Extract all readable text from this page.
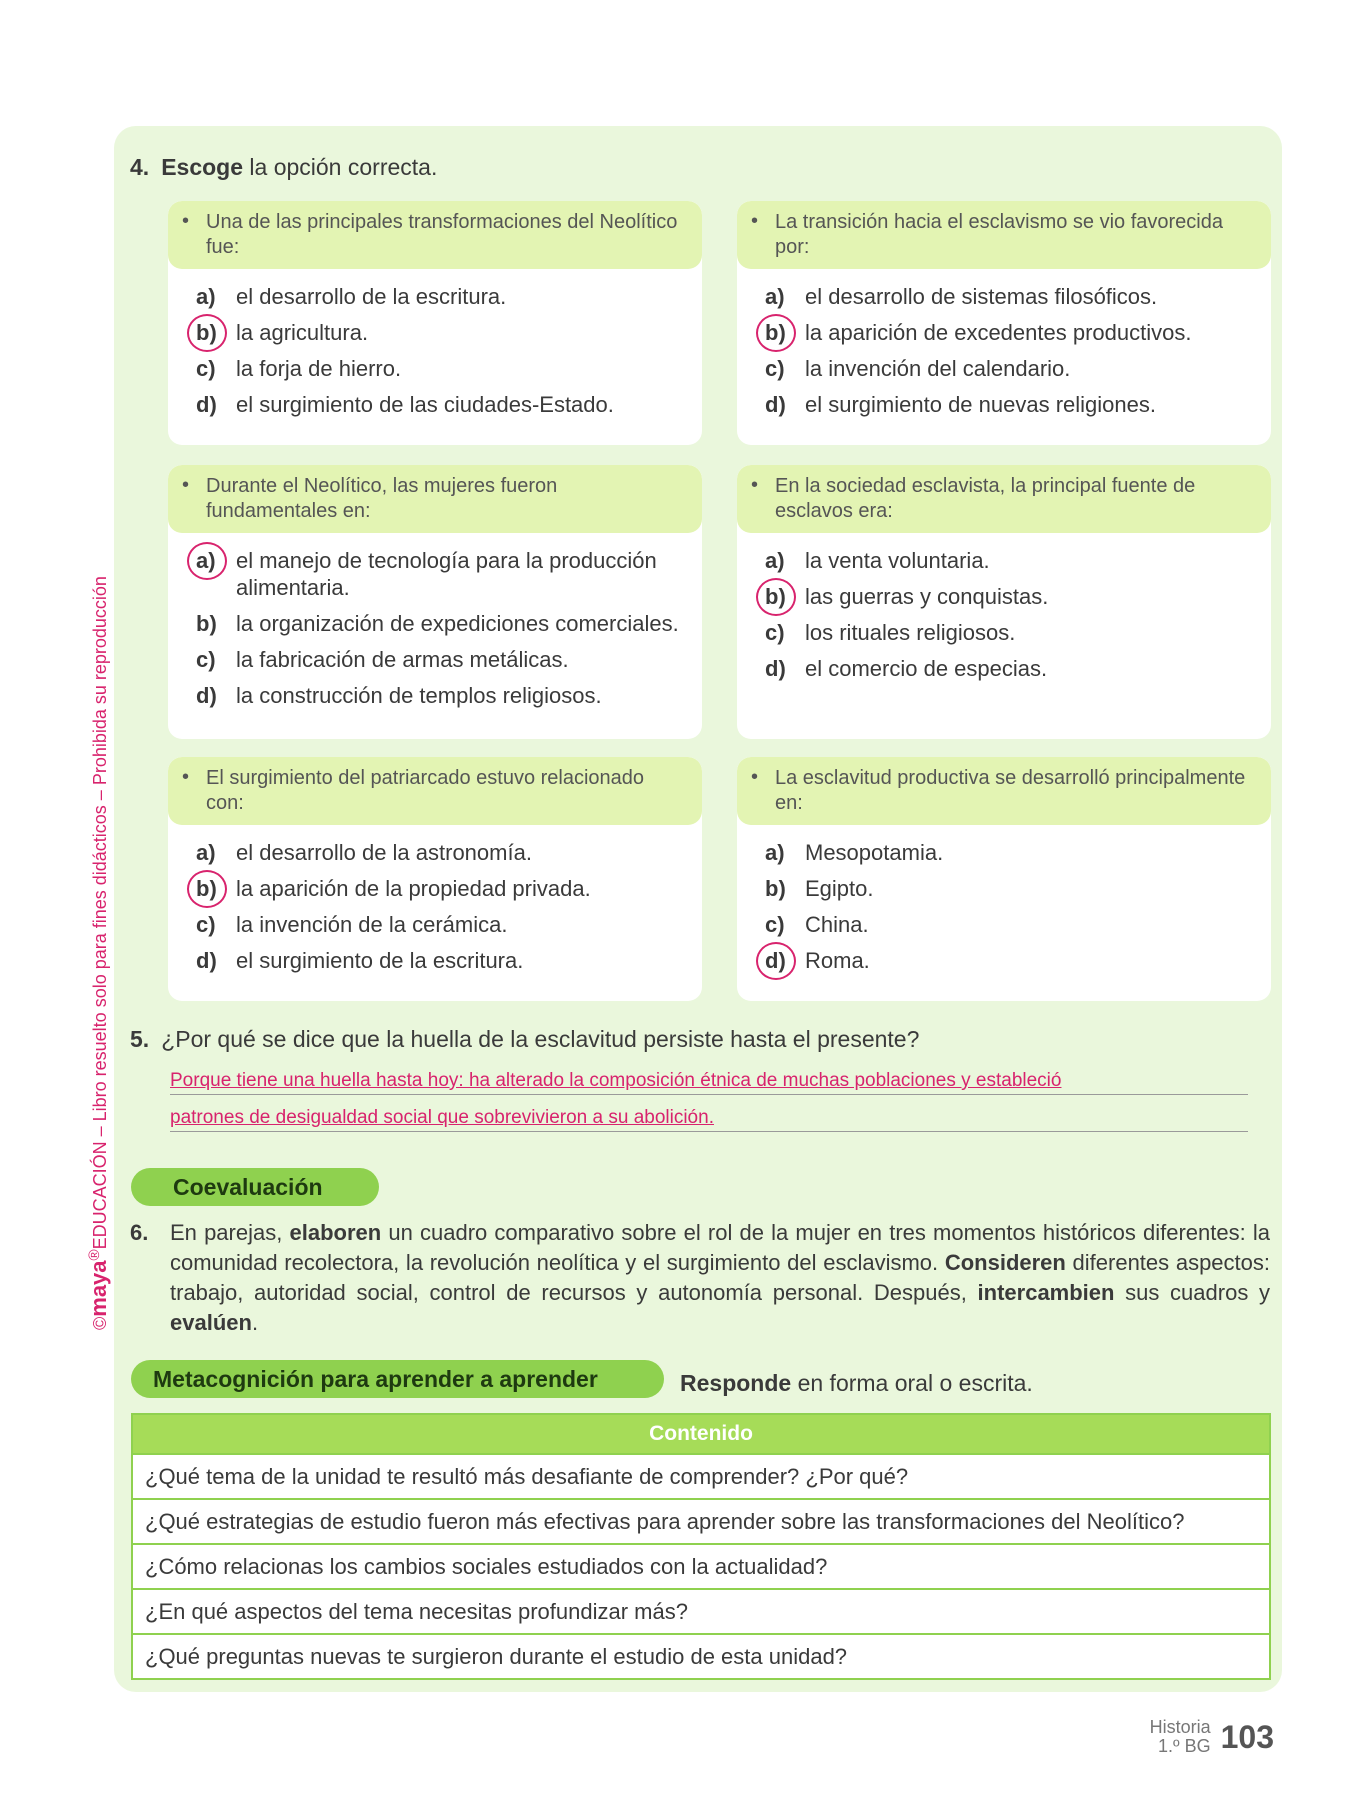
©maya®EDUCACIÓN – Libro resuelto solo para fines didácticos – Prohibida su reproducción
4. Escoge la opción correcta.
• Una de las principales transformaciones del Neolítico fue:
a) el desarrollo de la escritura.
b) la agricultura.
c) la forja de hierro.
d) el surgimiento de las ciudades-Estado.
• La transición hacia el esclavismo se vio favorecida por:
a) el desarrollo de sistemas filosóficos.
b) la aparición de excedentes productivos.
c) la invención del calendario.
d) el surgimiento de nuevas religiones.
• Durante el Neolítico, las mujeres fueron fundamentales en:
a) el manejo de tecnología para la producción alimentaria.
b) la organización de expediciones comerciales.
c) la fabricación de armas metálicas.
d) la construcción de templos religiosos.
• En la sociedad esclavista, la principal fuente de esclavos era:
a) la venta voluntaria.
b) las guerras y conquistas.
c) los rituales religiosos.
d) el comercio de especias.
• El surgimiento del patriarcado estuvo relacionado con:
a) el desarrollo de la astronomía.
b) la aparición de la propiedad privada.
c) la invención de la cerámica.
d) el surgimiento de la escritura.
• La esclavitud productiva se desarrolló principalmente en:
a) Mesopotamia.
b) Egipto.
c) China.
d) Roma.
5. ¿Por qué se dice que la huella de la esclavitud persiste hasta el presente?
Porque tiene una huella hasta hoy: ha alterado la composición étnica de muchas poblaciones y estableció
patrones de desigualdad social que sobrevivieron a su abolición.
Coevaluación
6. En parejas, elaboren un cuadro comparativo sobre el rol de la mujer en tres momentos históricos diferentes: la comunidad recolectora, la revolución neolítica y el surgimiento del esclavismo. Consideren diferentes aspectos: trabajo, autoridad social, control de recursos y autonomía personal. Después, intercambien sus cuadros y evalúen.
Metacognición para aprender a aprender	Responde en forma oral o escrita.
Contenido
¿Qué tema de la unidad te resultó más desafiante de comprender? ¿Por qué?
¿Qué estrategias de estudio fueron más efectivas para aprender sobre las transformaciones del Neolítico?
¿Cómo relacionas los cambios sociales estudiados con la actualidad?
¿En qué aspectos del tema necesitas profundizar más?
¿Qué preguntas nuevas te surgieron durante el estudio de esta unidad?
Historia
1.º BG 103
